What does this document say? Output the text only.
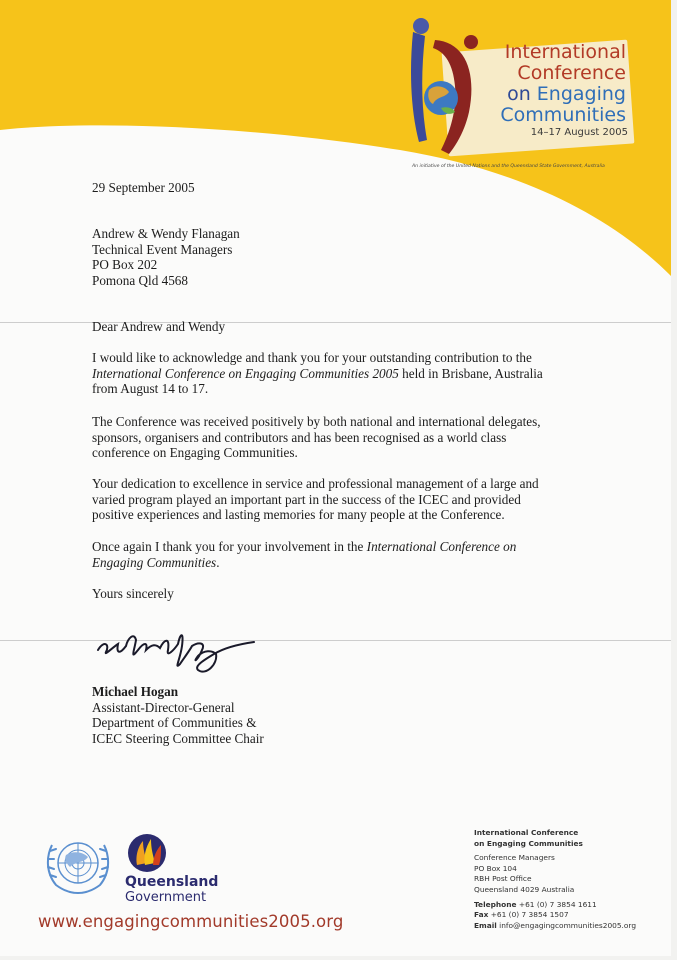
International
Conference
on Engaging
Communities
14–17 August 2005
An initiative of the United Nations and the Queensland State Government, Australia
29 September 2005
Andrew & Wendy Flanagan
Technical Event Managers
PO Box 202
Pomona Qld 4568
Dear Andrew and Wendy

I would like to acknowledge and thank you for your outstanding contribution to the International Conference on Engaging Communities 2005 held in Brisbane, Australia from August 14 to 17.

The Conference was received positively by both national and international delegates, sponsors, organisers and contributors and has been recognised as a world class conference on Engaging Communities.
Your dedication to excellence in service and professional management of a large and varied program played an important part in the success of the ICEC and provided positive experiences and lasting memories for many people at the Conference.

Once again I thank you for your involvement in the International Conference on Engaging Communities.

Yours sincerely
Michael Hogan
Assistant-Director-General
Department of Communities &
ICEC Steering Committee Chair
Queensland
Government
www.engagingcommunities2005.org
International Conference
on Engaging Communities
Conference Managers
PO Box 104
RBH Post Office
Queensland 4029 Australia
Telephone +61 (0) 7 3854 1611
Fax +61 (0) 7 3854 1507
Email info@engagingcommunities2005.org
